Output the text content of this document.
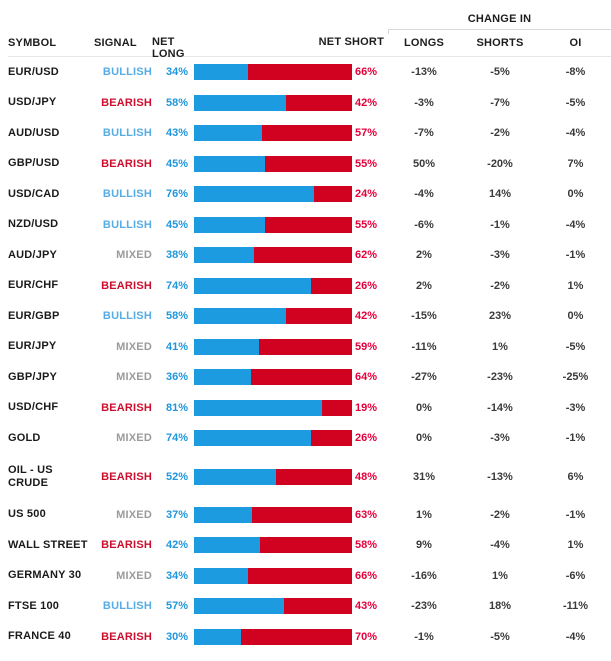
CHANGE IN
SYMBOL	SIGNAL	NET LONG
NET SHORT	LONGS	SHORTS	OI
EUR/USD	BULLISH	34%	66%	-13%	-5%	-8%
USD/JPY	BEARISH	58%	42%	-3%	-7%	-5%
AUD/USD	BULLISH	43%	57%	-7%	-2%	-4%
GBP/USD	BEARISH	45%	55%	50%	-20%	7%
USD/CAD	BULLISH	76%	24%	-4%	14%	0%
NZD/USD	BULLISH	45%	55%	-6%	-1%	-4%
AUD/JPY	MIXED	38%	62%	2%	-3%	-1%
EUR/CHF	BEARISH	74%	26%	2%	-2%	1%
EUR/GBP	BULLISH	58%	42%	-15%	23%	0%
EUR/JPY	MIXED	41%	59%	-11%	1%	-5%
GBP/JPY	MIXED	36%	64%	-27%	-23%	-25%
USD/CHF	BEARISH	81%	19%	0%	-14%	-3%
GOLD	MIXED	74%	26%	0%	-3%	-1%
OIL - US CRUDE	BEARISH	52%	48%	31%	-13%	6%
US 500	MIXED	37%	63%	1%	-2%	-1%
WALL STREET	BEARISH	42%	58%	9%	-4%	1%
GERMANY 30	MIXED	34%	66%	-16%	1%	-6%
FTSE 100	BULLISH	57%	43%	-23%	18%	-11%
FRANCE 40	BEARISH	30%	70%	-1%	-5%	-4%
